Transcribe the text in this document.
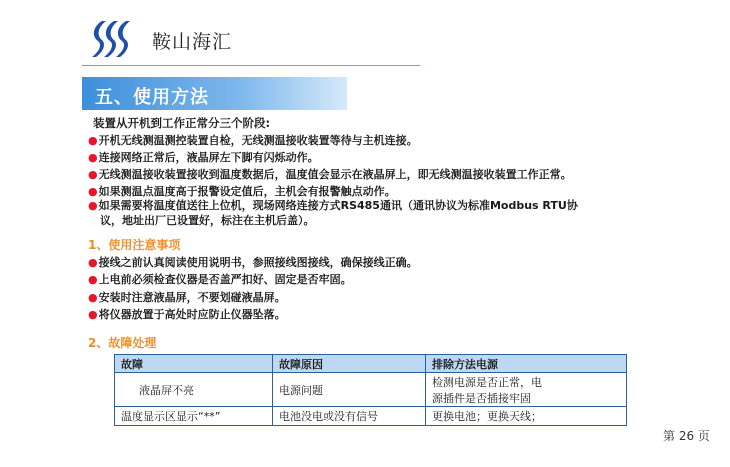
鞍山海汇
五、使用方法
装置从开机到工作正常分三个阶段:
●开机无线测温测控装置自检，无线测温接收装置等待与主机连接。
●连接网络正常后，液晶屏左下脚有闪烁动作。
●无线测温接收装置接收到温度数据后，温度值会显示在液晶屏上，即无线测温接收装置工作正常。
●如果测温点温度高于报警设定值后，主机会有报警触点动作。
●如果需要将温度值送往上位机，现场网络连接方式RS485通讯（通讯协议为标准Modbus RTU协
议，地址出厂已设置好，标注在主机后盖）。
1、使用注意事项
●接线之前认真阅读使用说明书，参照接线图接线，确保接线正确。
●上电前必须检查仪器是否盖严扣好、固定是否牢固。
●安装时注意液晶屏，不要划碰液晶屏。
●将仪器放置于高处时应防止仪器坠落。
2、故障处理
故障	故障原因	排除方法电源
液晶屏不亮	电源问题	检测电源是否正常，电
源插件是否插接牢固

温度显示区显示“**”	电池没电或没有信号	更换电池；更换天线；
第 26 页
